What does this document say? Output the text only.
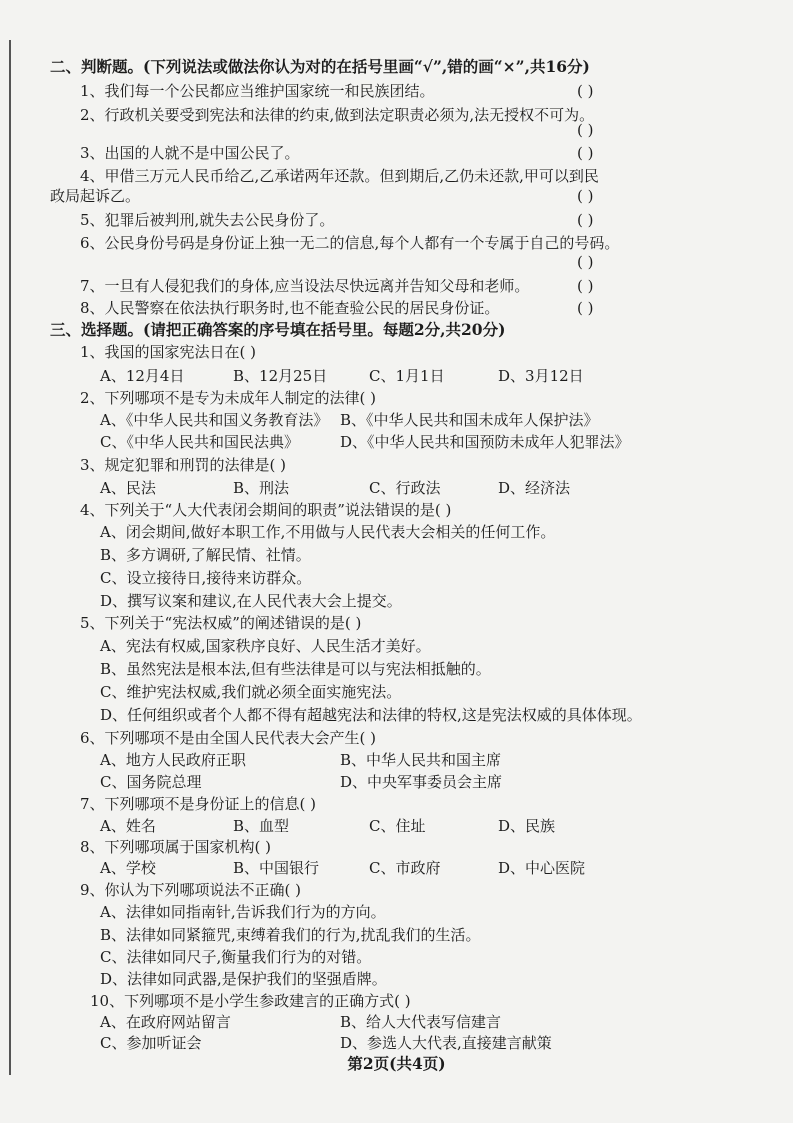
二、判断题。(下列说法或做法你认为对的在括号里画“√”,错的画“×”,共16分)
1、我们每一个公民都应当维护国家统一和民族团结。	( )
2、行政机关要受到宪法和法律的约束,做到法定职责必须为,法无授权不可为。
( )
3、出国的人就不是中国公民了。	( )
4、甲借三万元人民币给乙,乙承诺两年还款。但到期后,乙仍未还款,甲可以到民
政局起诉乙。	( )
5、犯罪后被判刑,就失去公民身份了。	( )
6、公民身份号码是身份证上独一无二的信息,每个人都有一个专属于自己的号码。
( )
7、一旦有人侵犯我们的身体,应当设法尽快远离并告知父母和老师。	( )
8、人民警察在依法执行职务时,也不能查验公民的居民身份证。	( )
三、选择题。(请把正确答案的序号填在括号里。每题2分,共20分)
1、我国的国家宪法日在( )
A、12月4日	B、12月25日	C、1月1日	D、3月12日
2、下列哪项不是专为未成年人制定的法律( )
A、《中华人民共和国义务教育法》 B、《中华人民共和国未成年人保护法》
C、《中华人民共和国民法典》	D、《中华人民共和国预防未成年人犯罪法》
3、规定犯罪和刑罚的法律是( )
A、民法	B、刑法	C、行政法	D、经济法
4、下列关于“人大代表闭会期间的职责”说法错误的是( )
A、闭会期间,做好本职工作,不用做与人民代表大会相关的任何工作。
B、多方调研,了解民情、社情。
C、设立接待日,接待来访群众。
D、撰写议案和建议,在人民代表大会上提交。
5、下列关于“宪法权威”的阐述错误的是( )
A、宪法有权威,国家秩序良好、人民生活才美好。
B、虽然宪法是根本法,但有些法律是可以与宪法相抵触的。
C、维护宪法权威,我们就必须全面实施宪法。
D、任何组织或者个人都不得有超越宪法和法律的特权,这是宪法权威的具体体现。
6、下列哪项不是由全国人民代表大会产生( )
A、地方人民政府正职	B、中华人民共和国主席
C、国务院总理	D、中央军事委员会主席
7、下列哪项不是身份证上的信息( )
A、姓名	B、血型	C、住址	D、民族
8、下列哪项属于国家机构( )
A、学校	B、中国银行	C、市政府	D、中心医院
9、你认为下列哪项说法不正确( )
A、法律如同指南针,告诉我们行为的方向。
B、法律如同紧箍咒,束缚着我们的行为,扰乱我们的生活。
C、法律如同尺子,衡量我们行为的对错。
D、法律如同武器,是保护我们的坚强盾牌。
10、下列哪项不是小学生参政建言的正确方式( )
A、在政府网站留言	B、给人大代表写信建言
C、参加听证会	D、参选人大代表,直接建言献策
第2页(共4页)
